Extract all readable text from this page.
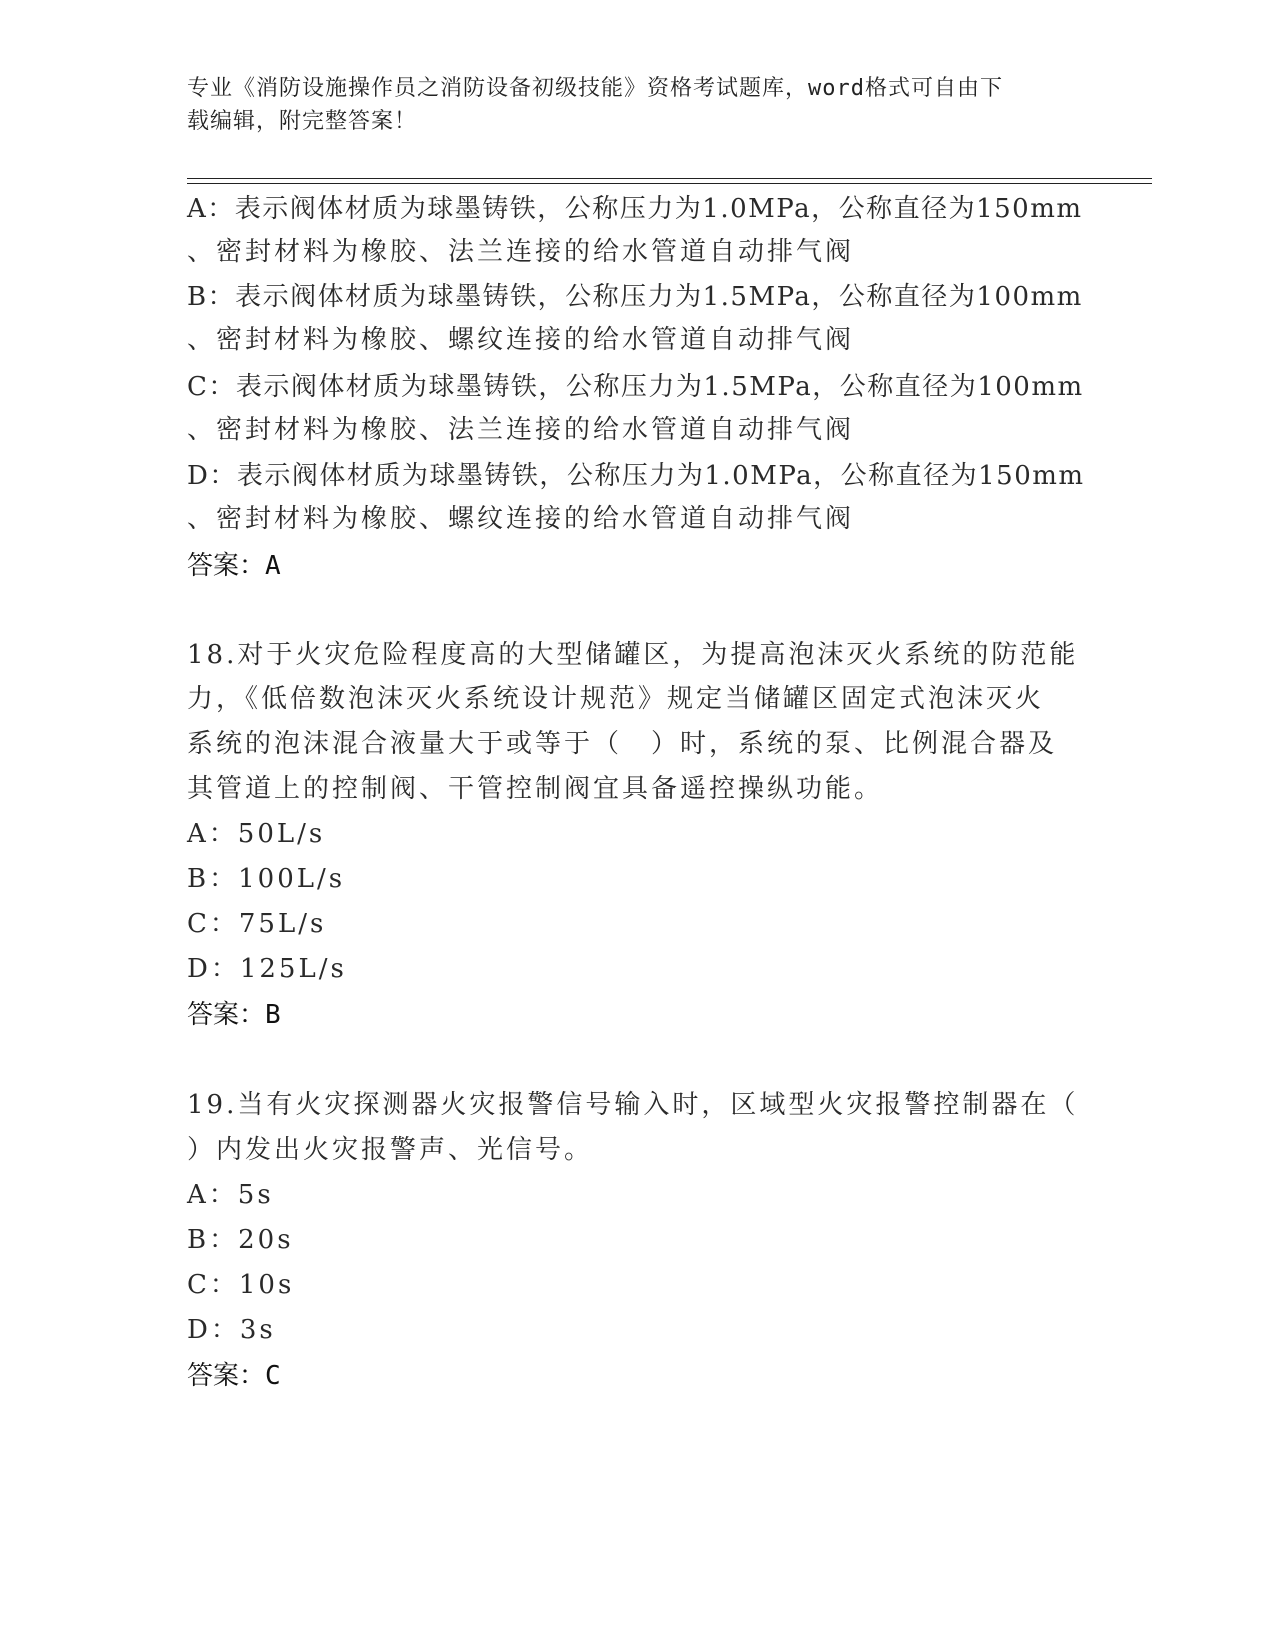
专业《消防设施操作员之消防设备初级技能》资格考试题库，word格式可自由下
载编辑，附完整答案！
A：表示阀体材质为球墨铸铁，公称压力为1.0MPa，公称直径为150mm
、密封材料为橡胶、法兰连接的给水管道自动排气阀
B：表示阀体材质为球墨铸铁，公称压力为1.5MPa，公称直径为100mm
、密封材料为橡胶、螺纹连接的给水管道自动排气阀
C：表示阀体材质为球墨铸铁，公称压力为1.5MPa，公称直径为100mm
、密封材料为橡胶、法兰连接的给水管道自动排气阀
D：表示阀体材质为球墨铸铁，公称压力为1.0MPa，公称直径为150mm
、密封材料为橡胶、螺纹连接的给水管道自动排气阀
答案：A
18.对于火灾危险程度高的大型储罐区，为提高泡沫灭火系统的防范能
力，《低倍数泡沫灭火系统设计规范》规定当储罐区固定式泡沫灭火
系统的泡沫混合液量大于或等于（　）时，系统的泵、比例混合器及
其管道上的控制阀、干管控制阀宜具备遥控操纵功能。
A：50L/s
B：100L/s
C：75L/s
D：125L/s
答案：B
19.当有火灾探测器火灾报警信号输入时，区域型火灾报警控制器在（
）内发出火灾报警声、光信号。
A：5s
B：20s
C：10s
D：3s
答案：C
